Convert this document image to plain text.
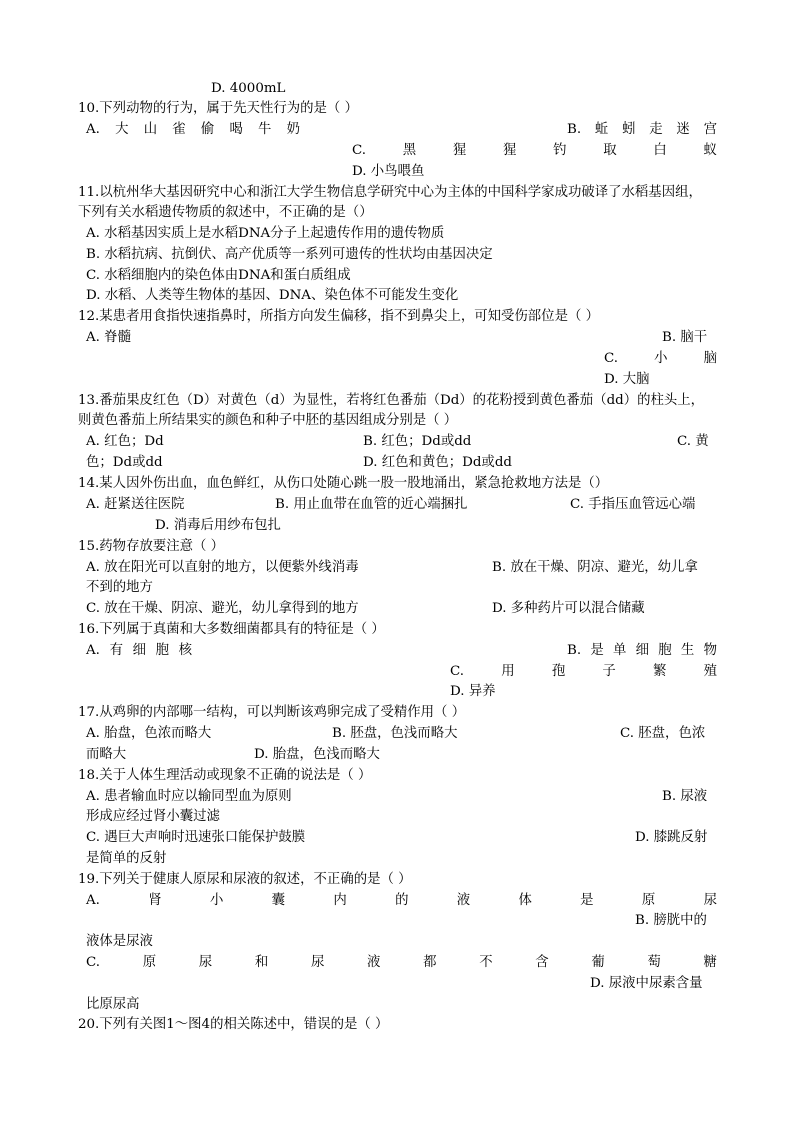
D. 4000mL
10.下列动物的行为，属于先天性行为的是（ ）
A. 大 山 雀 偷 喝 牛 奶	B. 蚯 蚓 走 迷 宫
C.	黑	猩	猩	钓	取	白	蚁
D. 小鸟喂鱼
11.以杭州华大基因研究中心和浙江大学生物信息学研究中心为主体的中国科学家成功破译了水稻基因组，
下列有关水稻遗传物质的叙述中，不正确的是（）
A. 水稻基因实质上是水稻DNA分子上起遗传作用的遗传物质
B. 水稻抗病、抗倒伏、高产优质等一系列可遗传的性状均由基因决定
C. 水稻细胞内的染色体由DNA和蛋白质组成
D. 水稻、人类等生物体的基因、DNA、染色体不可能发生变化
12.某患者用食指快速指鼻时，所指方向发生偏移，指不到鼻尖上，可知受伤部位是（ ）
A. 脊髓	B. 脑干
C.	小	脑
D. 大脑
13.番茄果皮红色（D）对黄色（d）为显性，若将红色番茄（Dd）的花粉授到黄色番茄（dd）的柱头上，
则黄色番茄上所结果实的颜色和种子中胚的基因组成分别是（ ）
A. 红色；Dd	B. 红色；Dd或dd	C. 黄
色；Dd或dd	D. 红色和黄色；Dd或dd
14.某人因外伤出血，血色鲜红，从伤口处随心跳一股一股地涌出，紧急抢救地方法是（）
A. 赶紧送往医院	B. 用止血带在血管的近心端捆扎	C. 手指压血管远心端
D. 消毒后用纱布包扎
15.药物存放要注意（ ）
A. 放在阳光可以直射的地方，以便紫外线消毒	B. 放在干燥、阴凉、避光，幼儿拿
不到的地方
C. 放在干燥、阴凉、避光，幼儿拿得到的地方	D. 多种药片可以混合储藏
16.下列属于真菌和大多数细菌都具有的特征是（ ）
A. 有 细 胞 核	B. 是 单 细 胞 生 物
C.	用	孢	子	繁	殖
D. 异养
17.从鸡卵的内部哪一结构，可以判断该鸡卵完成了受精作用（ ）
A. 胎盘，色浓而略大	B. 胚盘，色浅而略大	C. 胚盘，色浓
而略大	D. 胎盘，色浅而略大
18.关于人体生理活动或现象不正确的说法是（ ）
A. 患者输血时应以输同型血为原则	B. 尿液
形成应经过肾小囊过滤
C. 遇巨大声响时迅速张口能保护鼓膜	D. 膝跳反射
是简单的反射
19.下列关于健康人原尿和尿液的叙述，不正确的是（ ）
A.	肾	小	囊	内	的	液	体	是	原	尿
B. 膀胱中的
液体是尿液
C.	原	尿	和	尿	液	都	不	含	葡	萄	糖
D. 尿液中尿素含量
比原尿高
20.下列有关图1～图4的相关陈述中，错误的是（ ）
